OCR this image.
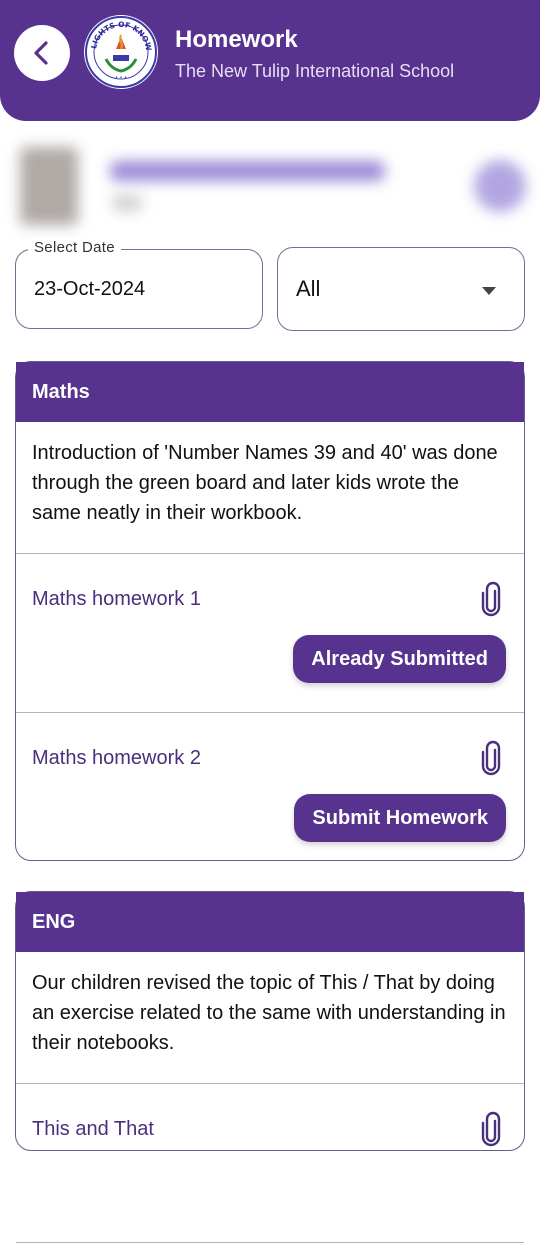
LIGHTS OF KNOW
• • •
Homework
The New Tulip International School
Select Date
23-Oct-2024	All
Maths
Introduction of 'Number Names 39 and 40' was done through the green board and later kids wrote the same neatly in their workbook.
Maths homework 1
Already Submitted
Maths homework 2
Submit Homework
ENG
Our children revised the topic of This / That by doing an exercise related to the same with understanding in their notebooks.
This and That
